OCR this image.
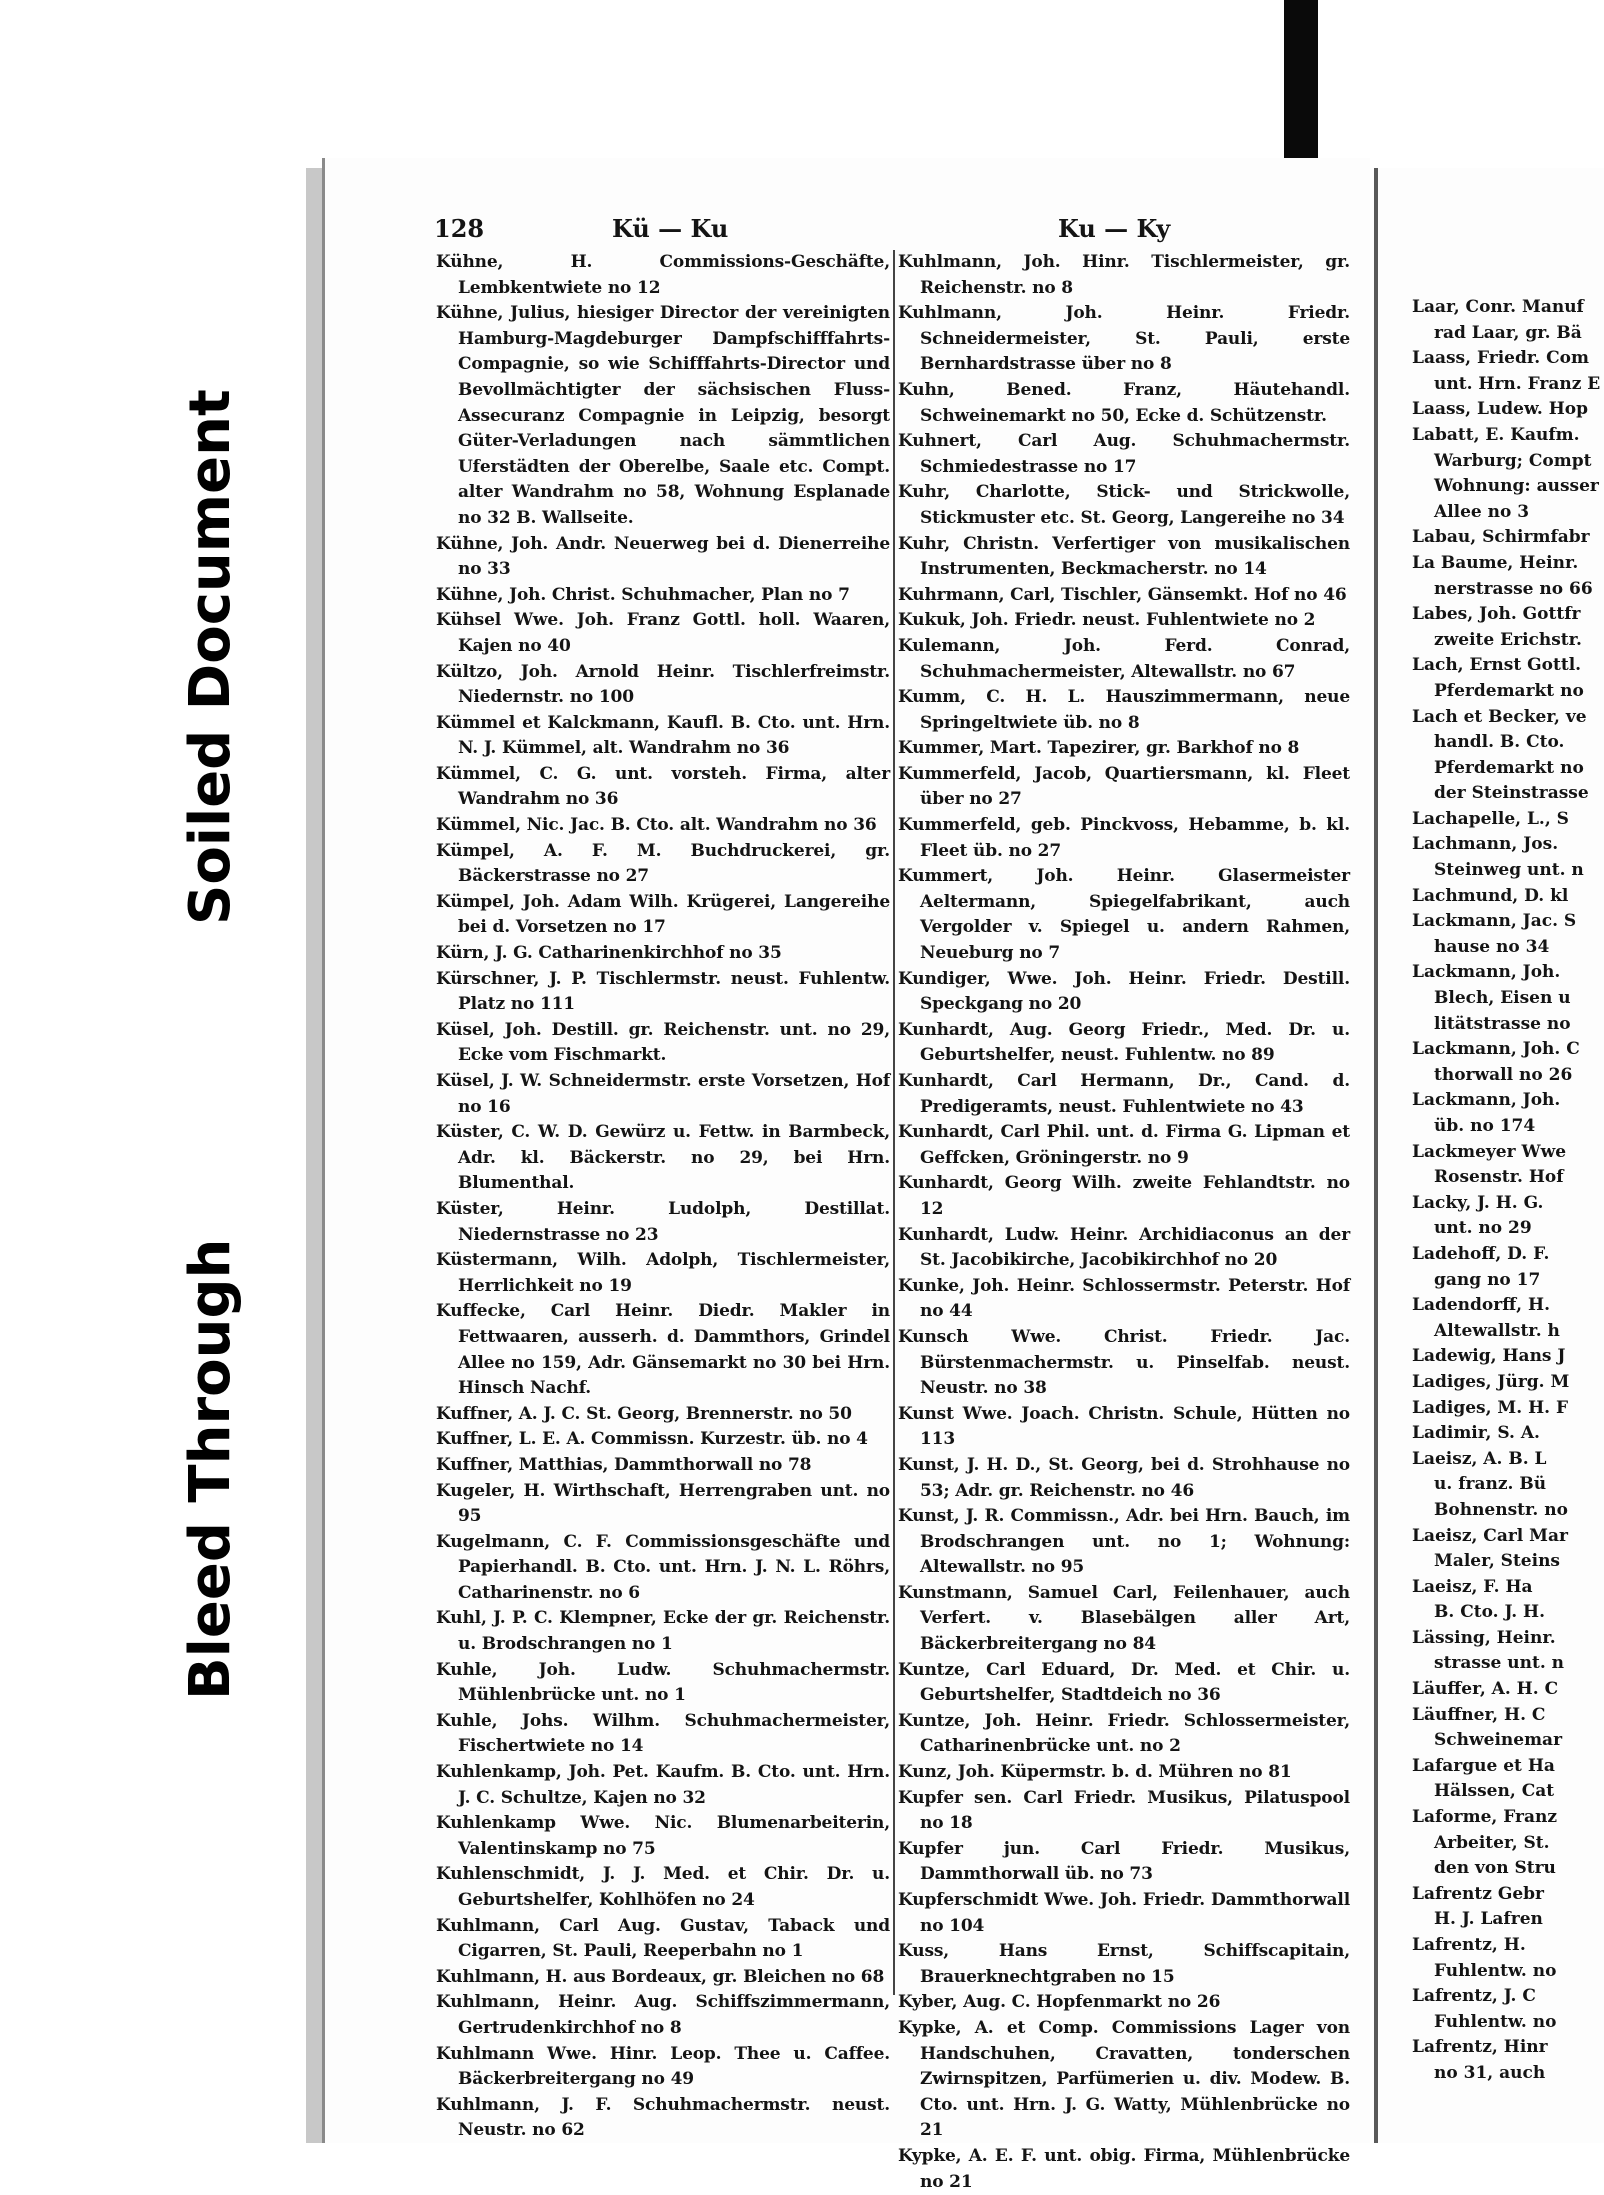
Soiled Document
Bleed Through
128	Kü — Ku	Ku — Ky
Kühne, H. Commissions-Geschäfte, Lembkentwiete no 12
Kühne, Julius, hiesiger Director der vereinigten Hamburg-Magdeburger Dampfschifffahrts-Compagnie, so wie Schifffahrts-Director und Bevollmächtigter der sächsischen Fluss-Assecuranz Compagnie in Leipzig, besorgt Güter-Verladungen nach sämmtlichen Uferstädten der Oberelbe, Saale etc. Compt. alter Wandrahm no 58, Wohnung Esplanade no 32 B. Wallseite.
Kühne, Joh. Andr. Neuerweg bei d. Dienerreihe no 33
Kühne, Joh. Christ. Schuhmacher, Plan no 7
Kühsel Wwe. Joh. Franz Gottl. holl. Waaren, Kajen no 40
Kültzo, Joh. Arnold Heinr. Tischlerfreimstr. Niedernstr. no 100
Kümmel et Kalckmann, Kaufl. B. Cto. unt. Hrn. N. J. Kümmel, alt. Wandrahm no 36
Kümmel, C. G. unt. vorsteh. Firma, alter Wandrahm no 36
Kümmel, Nic. Jac. B. Cto. alt. Wandrahm no 36
Kümpel, A. F. M. Buchdruckerei, gr. Bäckerstrasse no 27
Kümpel, Joh. Adam Wilh. Krügerei, Langereihe bei d. Vorsetzen no 17
Kürn, J. G. Catharinenkirchhof no 35
Kürschner, J. P. Tischlermstr. neust. Fuhlentw. Platz no 111
Küsel, Joh. Destill. gr. Reichenstr. unt. no 29, Ecke vom Fischmarkt.
Küsel, J. W. Schneidermstr. erste Vorsetzen, Hof no 16
Küster, C. W. D. Gewürz u. Fettw. in Barmbeck, Adr. kl. Bäckerstr. no 29, bei Hrn. Blumenthal.
Küster, Heinr. Ludolph, Destillat. Niedernstrasse no 23
Küstermann, Wilh. Adolph, Tischlermeister, Herrlichkeit no 19
Kuffecke, Carl Heinr. Diedr. Makler in Fettwaaren, ausserh. d. Dammthors, Grindel Allee no 159, Adr. Gänsemarkt no 30 bei Hrn. Hinsch Nachf.
Kuffner, A. J. C. St. Georg, Brennerstr. no 50
Kuffner, L. E. A. Commissn. Kurzestr. üb. no 4
Kuffner, Matthias, Dammthorwall no 78
Kugeler, H. Wirthschaft, Herrengraben unt. no 95
Kugelmann, C. F. Commissionsgeschäfte und Papierhandl. B. Cto. unt. Hrn. J. N. L. Röhrs, Catharinenstr. no 6
Kuhl, J. P. C. Klempner, Ecke der gr. Reichenstr. u. Brodschrangen no 1
Kuhle, Joh. Ludw. Schuhmachermstr. Mühlenbrücke unt. no 1
Kuhle, Johs. Wilhm. Schuhmachermeister, Fischertwiete no 14
Kuhlenkamp, Joh. Pet. Kaufm. B. Cto. unt. Hrn. J. C. Schultze, Kajen no 32
Kuhlenkamp Wwe. Nic. Blumenarbeiterin, Valentinskamp no 75
Kuhlenschmidt, J. J. Med. et Chir. Dr. u. Geburtshelfer, Kohlhöfen no 24
Kuhlmann, Carl Aug. Gustav, Taback und Cigarren, St. Pauli, Reeperbahn no 1
Kuhlmann, H. aus Bordeaux, gr. Bleichen no 68
Kuhlmann, Heinr. Aug. Schiffszimmermann, Gertrudenkirchhof no 8
Kuhlmann Wwe. Hinr. Leop. Thee u. Caffee. Bäckerbreitergang no 49
Kuhlmann, J. F. Schuhmachermstr. neust. Neustr. no 62
Kuhlmann, Joh. Hinr. Tischlermeister, gr. Reichenstr. no 8
Kuhlmann, Joh. Heinr. Friedr. Schneidermeister, St. Pauli, erste Bernhardstrasse über no 8
Kuhn, Bened. Franz, Häutehandl. Schweinemarkt no 50, Ecke d. Schützenstr.
Kuhnert, Carl Aug. Schuhmachermstr. Schmiedestrasse no 17
Kuhr, Charlotte, Stick- und Strickwolle, Stickmuster etc. St. Georg, Langereihe no 34
Kuhr, Christn. Verfertiger von musikalischen Instrumenten, Beckmacherstr. no 14
Kuhrmann, Carl, Tischler, Gänsemkt. Hof no 46
Kukuk, Joh. Friedr. neust. Fuhlentwiete no 2
Kulemann, Joh. Ferd. Conrad, Schuhmachermeister, Altewallstr. no 67
Kumm, C. H. L. Hauszimmermann, neue Springeltwiete üb. no 8
Kummer, Mart. Tapezirer, gr. Barkhof no 8
Kummerfeld, Jacob, Quartiersmann, kl. Fleet über no 27
Kummerfeld, geb. Pinckvoss, Hebamme, b. kl. Fleet üb. no 27
Kummert, Joh. Heinr. Glasermeister Aeltermann, Spiegelfabrikant, auch Vergolder v. Spiegel u. andern Rahmen, Neueburg no 7
Kundiger, Wwe. Joh. Heinr. Friedr. Destill. Speckgang no 20
Kunhardt, Aug. Georg Friedr., Med. Dr. u. Geburtshelfer, neust. Fuhlentw. no 89
Kunhardt, Carl Hermann, Dr., Cand. d. Predigeramts, neust. Fuhlentwiete no 43
Kunhardt, Carl Phil. unt. d. Firma G. Lipman et Geffcken, Gröningerstr. no 9
Kunhardt, Georg Wilh. zweite Fehlandtstr. no 12
Kunhardt, Ludw. Heinr. Archidiaconus an der St. Jacobikirche, Jacobikirchhof no 20
Kunke, Joh. Heinr. Schlossermstr. Peterstr. Hof no 44
Kunsch Wwe. Christ. Friedr. Jac. Bürstenmachermstr. u. Pinselfab. neust. Neustr. no 38
Kunst Wwe. Joach. Christn. Schule, Hütten no 113
Kunst, J. H. D., St. Georg, bei d. Strohhause no 53; Adr. gr. Reichenstr. no 46
Kunst, J. R. Commissn., Adr. bei Hrn. Bauch, im Brodschrangen unt. no 1; Wohnung: Altewallstr. no 95
Kunstmann, Samuel Carl, Feilenhauer, auch Verfert. v. Blasebälgen aller Art, Bäckerbreitergang no 84
Kuntze, Carl Eduard, Dr. Med. et Chir. u. Geburtshelfer, Stadtdeich no 36
Kuntze, Joh. Heinr. Friedr. Schlossermeister, Catharinenbrücke unt. no 2
Kunz, Joh. Küpermstr. b. d. Mühren no 81
Kupfer sen. Carl Friedr. Musikus, Pilatuspool no 18
Kupfer jun. Carl Friedr. Musikus, Dammthorwall üb. no 73
Kupferschmidt Wwe. Joh. Friedr. Dammthorwall no 104
Kuss, Hans Ernst, Schiffscapitain, Brauerknechtgraben no 15
Kyber, Aug. C. Hopfenmarkt no 26
Kypke, A. et Comp. Commissions Lager von Handschuhen, Cravatten, tonderschen Zwirnspitzen, Parfümerien u. div. Modew. B. Cto. unt. Hrn. J. G. Watty, Mühlenbrücke no 21
Kypke, A. E. F. unt. obig. Firma, Mühlenbrücke no 21
Laar, Conr. Manuf
rad Laar, gr. Bä
Laass, Friedr. Com
unt. Hrn. Franz E
Laass, Ludew. Hop
Labatt, E. Kaufm.
Warburg; Compt
Wohnung: ausser
Allee no 3
Labau, Schirmfabr
La Baume, Heinr.
nerstrasse no 66
Labes, Joh. Gottfr
zweite Erichstr.
Lach, Ernst Gottl.
Pferdemarkt no
Lach et Becker, ve
handl. B. Cto.
Pferdemarkt no
der Steinstrasse
Lachapelle, L., S
Lachmann, Jos.
Steinweg unt. n
Lachmund, D. kl
Lackmann, Jac. S
hause no 34
Lackmann, Joh.
Blech, Eisen u
litätstrasse no
Lackmann, Joh. C
thorwall no 26
Lackmann, Joh.
üb. no 174
Lackmeyer Wwe
Rosenstr. Hof
Lacky, J. H. G.
unt. no 29
Ladehoff, D. F.
gang no 17
Ladendorff, H.
Altewallstr. h
Ladewig, Hans J
Ladiges, Jürg. M
Ladiges, M. H. F
Ladimir, S. A.
Laeisz, A. B. L
u. franz. Bü
Bohnenstr. no
Laeisz, Carl Mar
Maler, Steins
Laeisz, F. Ha
B. Cto. J. H.
Lässing, Heinr.
strasse unt. n
Läuffer, A. H. C
Läuffner, H. C
Schweinemar
Lafargue et Ha
Hälssen, Cat
Laforme, Franz
Arbeiter, St.
den von Stru
Lafrentz Gebr
H. J. Lafren
Lafrentz, H.
Fuhlentw. no
Lafrentz, J. C
Fuhlentw. no
Lafrentz, Hinr
no 31, auch
